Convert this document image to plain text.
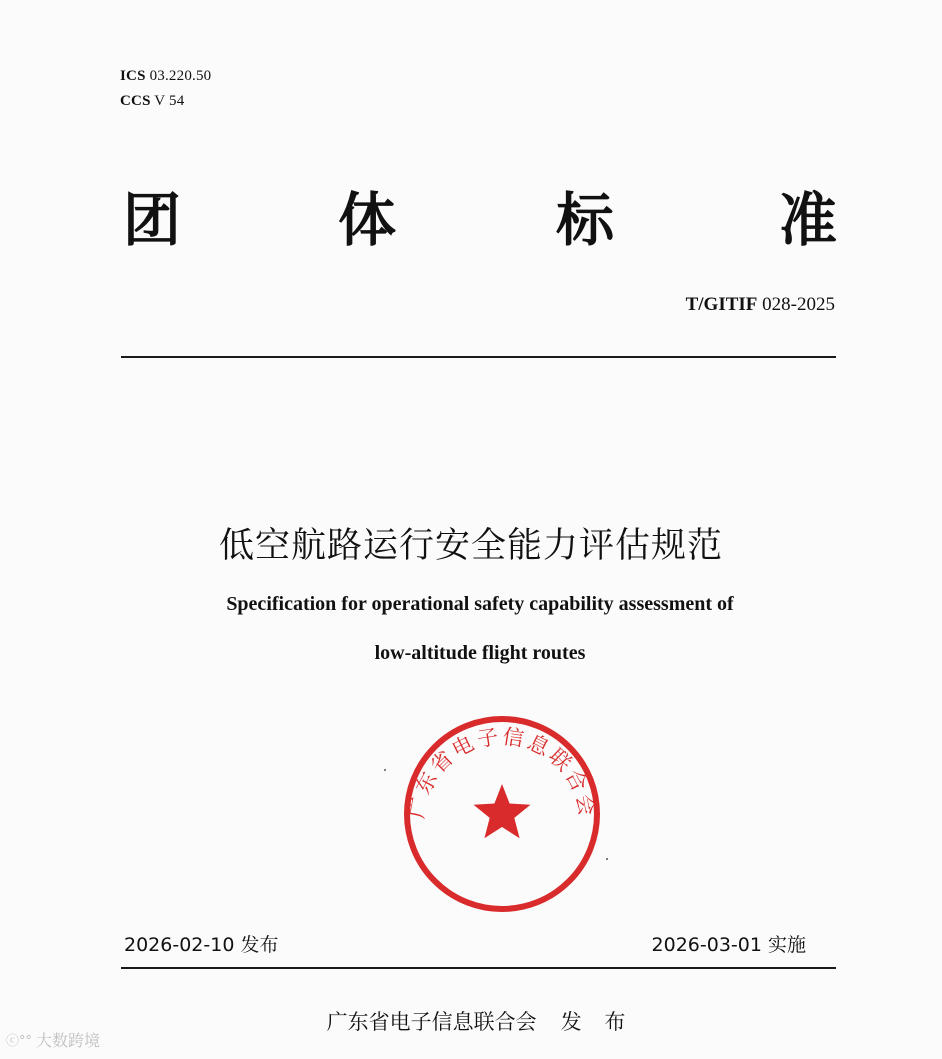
ICS 03.220.50
CCS V 54
团	体	标	准
T/GITIF 028-2025
低空航路运行安全能力评估规范
Specification for operational safety capability assessment of
low-altitude flight routes
广东省电子信息联合会
2026-02-10 发布	2026-03-01 实施
广东省电子信息联合会 发 布
ⓒ°° 大数跨境
